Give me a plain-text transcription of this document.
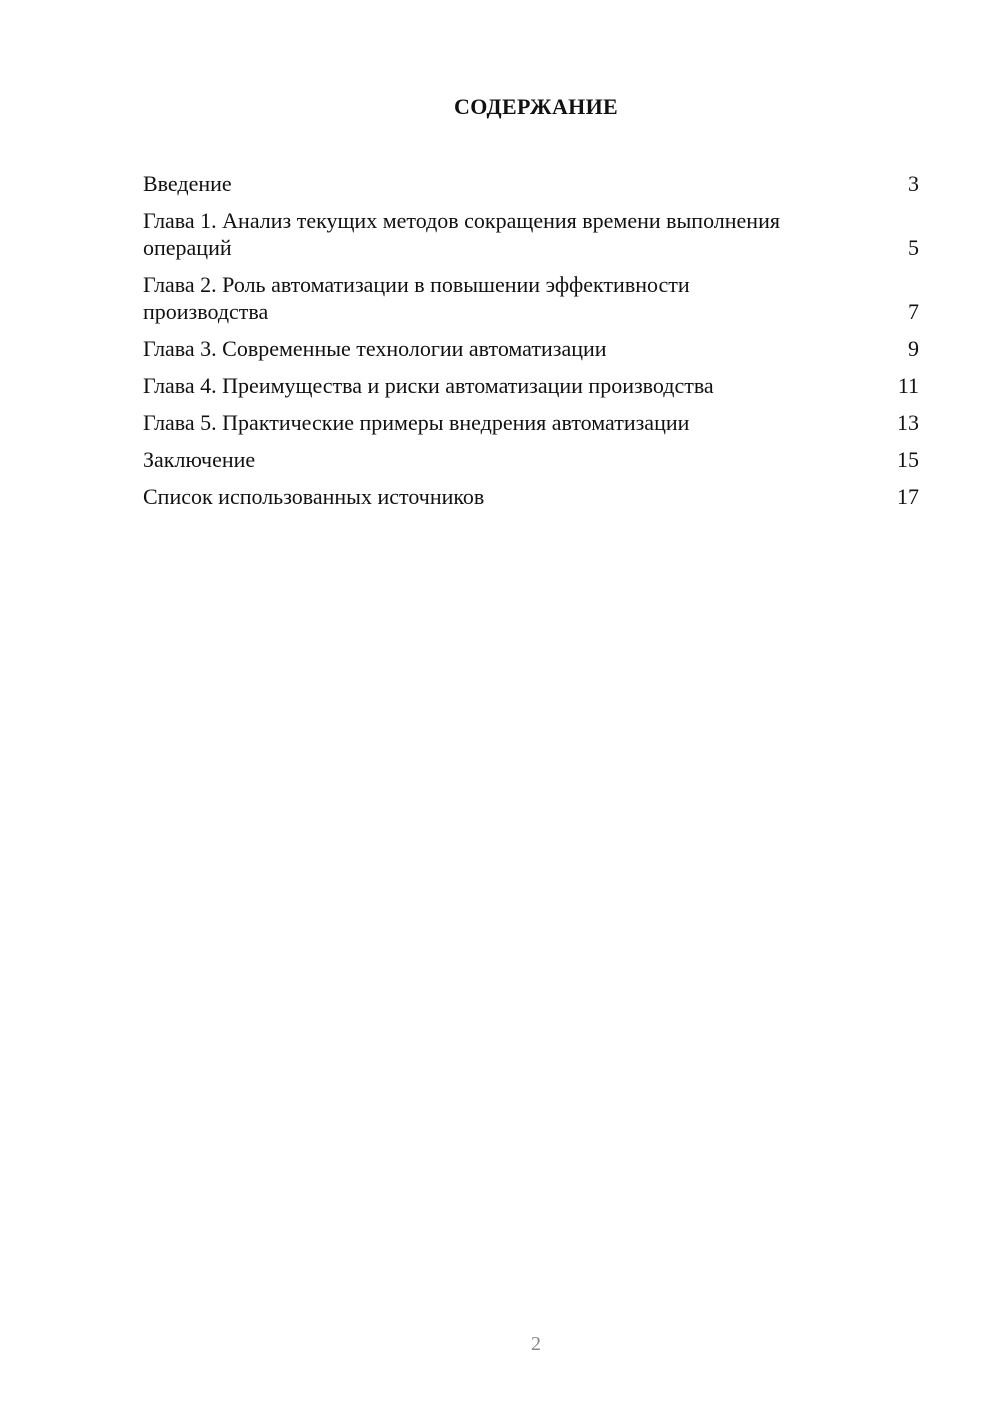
СОДЕРЖАНИЕ
Введение	3
Глава 1. Анализ текущих методов сокращения времени выполнения операций	5
Глава 2. Роль автоматизации в повышении эффективности производства	7
Глава 3. Современные технологии автоматизации	9
Глава 4. Преимущества и риски автоматизации производства	11
Глава 5. Практические примеры внедрения автоматизации	13
Заключение	15
Список использованных источников	17
2
